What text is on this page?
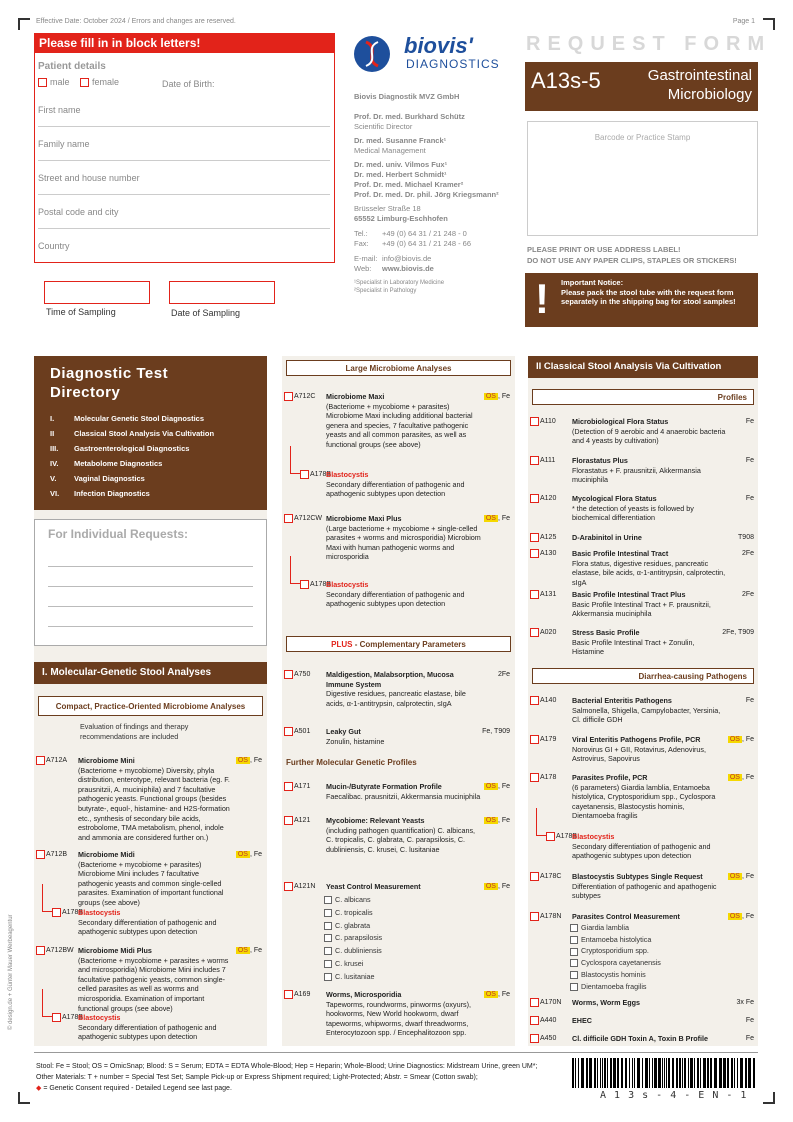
Effective Date: October 2024 / Errors and changes are reserved.	Page 1
Please fill in in block letters!
Patient details
male	female	Date of Birth:
First name
Family name
Street and house number
Postal code and city
Country
Time of Sampling	Date of Sampling
biovis'
DIAGNOSTICS
Biovis Diagnostik MVZ GmbH
Prof. Dr. med. Burkhard Schütz
Scientific Director
Dr. med. Susanne Franck¹
Medical Management
Dr. med. univ. Vilmos Fux¹
Dr. med. Herbert Schmidt¹
Prof. Dr. med. Michael Kramer²
Prof. Dr. med. Dr. phil. Jörg Kriegsmann²
Brüsseler Straße 18
65552 Limburg-Eschhofen
Tel.: +49 (0) 64 31 / 21 248 - 0
Fax: +49 (0) 64 31 / 21 248 - 66
E-mail: info@biovis.de
Web: www.biovis.de
¹Specialist in Laboratory Medicine
²Specialist in Pathology
REQUEST FORM
A13s-5	Gastrointestinal
Microbiology
Barcode or Practice Stamp
PLEASE PRINT OR USE ADDRESS LABEL!
DO NOT USE ANY PAPER CLIPS, STAPLES OR STICKERS!
! Important Notice:
Please pack the stool tube with the request form separately in the shipping bag for stool samples!
Diagnostic Test
Directory
I.	Molecular Genetic Stool Diagnostics
II	Classical Stool Analysis Via Cultivation
III. Gastroenterological Diagnostics
IV. Metabolome Diagnostics
V. Vaginal Diagnostics
VI. Infection Diagnostics
For Individual Requests:
I. Molecular-Genetic Stool Analyses
Compact, Practice-Oriented Microbiome Analyses
Evaluation of findings and therapy recommendations are included
Large Microbiome Analyses
PLUS - Complementary Parameters
Further Molecular Genetic Profiles
C. albicans
C. tropicalis
C. glabrata
C. parapsilosis
C. dubliniensis
C. krusei
C. lusitaniae
II Classical Stool Analysis Via Cultivation
Profiles
Diarrhea-causing Pathogens
Giardia lamblia
Entamoeba histolytica
Cryptosporidium spp.
Cyclospora cayetanensis
Blastocystis hominis
Dientamoeba fragilis
Stool: Fe = Stool; OS = OmicSnap; Blood: S = Serum; EDTA = EDTA Whole-Blood; Hep = Heparin; Whole-Blood; Urine Diagnostics: Midstream Urine, green UM*;
Other Materials: T + number = Special Test Set; Sample Pick-up or Express Shipment required; Light-Protected; Abstr. = Smear (Cotton swab);
◆ = Genetic Consent required - Detailed Legend see last page.
A 1 3 s - 4 - E N - 1
© design.de + Günter Mauer Werbeagentur
A712A	Microbiome Mini
(Bacteriome + mycobiome) Diversity, phyla distribution, enterotype, relevant bacteria (eg. F. prausnitzii, A. muciniphila) and 7 facultative pathogenic yeasts. Functional groups (besides butyrate-, equol-, histamine- and H2S-formation etc., synthesis of secondary bile acids, estrobolome, TMA metabolism, phenol, indole and ammonia are considered further on.)
OS , Fe
A712B	Microbiome Midi
(Bacteriome + mycobiome + parasites) Microbiome Mini includes 7 facultative pathogenic yeasts and common single-celled parasites. Examination of important functional groups (see above)
OS , Fe
A178B
Blastocystis
Secondary differentiation of pathogenic and apathogenic subtypes upon detection
A712BW Microbiome Midi Plus
(Bacteriome + mycobiome + parasites + worms and microsporidia) Microbiome Mini includes 7 facultative pathogenic yeasts, common single-celled parasites as well as worms and microsporidia. Examination of important functional groups (see above)
OS , Fe
A178B
Blastocystis
Secondary differentiation of pathogenic and apathogenic subtypes upon detection
A712C	Microbiome Maxi
(Bacteriome + mycobiome + parasites) Microbiome Maxi including additional bacterial genera and species, 7 facultative pathogenic yeasts and all common parasites, as well as functional groups (see above)
OS , Fe
A178B
Blastocystis
Secondary differentiation of pathogenic and apathogenic subtypes upon detection
A712CW Microbiome Maxi Plus
(Large bacteriome + mycobiome + single-celled parasites + worms and microsporidia) Microbiom Maxi with human pathogenic worms and microsporidia
OS , Fe
A178B
Blastocystis
Secondary differentiation of pathogenic and apathogenic subtypes upon detection
A750	Maldigestion, Malabsorption, Mucosa Immune System
Digestive residues, pancreatic elastase, bile acids, α-1-antitrypsin, calprotectin, sIgA
2Fe
A501	Leaky Gut
Zonulin, histamine
Fe, T909
A171	Mucin-/Butyrate Formation Profile
Faecalibac. prausnitzii, Akkermansia muciniphila
OS , Fe
A121	Mycobiome: Relevant Yeasts
(including pathogen quantification) C. albicans, C. tropicalis, C. glabrata, C. parapsilosis, C. dubliniensis, C. krusei, C. lusitaniae
OS , Fe
A121N	Yeast Control Measurement	OS , Fe
A169	Worms, Microsporidia
Tapeworms, roundworms, pinworms (oxyurs), hookworms, New World hookworm, dwarf tapeworms, whipworms, dwarf threadworms, Enterocytozoon spp. / Encephalitozoon spp.
OS , Fe
A110	Microbiological Flora Status
(Detection of 9 aerobic and 4 anaerobic bacteria and 4 yeasts by cultivation)
Fe
A111	Florastatus Plus
Florastatus + F. prausnitzii, Akkermansia muciniphila
Fe
A120	Mycological Flora Status
* the detection of yeasts is followed by biochemical differentiation
Fe
A125	D-Arabinitol in Urine	T908
A130	Basic Profile Intestinal Tract
Flora status, digestive residues, pancreatic elastase, bile acids, α-1-antitrypsin, calprotectin, sIgA
2Fe
A131	Basic Profile Intestinal Tract Plus
Basic Profile Intestinal Tract + F. prausnitzii, Akkermansia muciniphila
2Fe
A020	Stress Basic Profile
Basic Profile Intestinal Tract + Zonulin, Histamine
2Fe, T909
A140	Bacterial Enteritis Pathogens
Salmonella, Shigella, Campylobacter, Yersinia, Cl. difficile GDH
Fe
A179	Viral Enteritis Pathogens Profile, PCR
Norovirus GI + GII, Rotavirus, Adenovirus, Astrovirus, Sapovirus
OS , Fe
A178	Parasites Profile, PCR
(6 parameters) Giardia lamblia, Entamoeba histolytica, Cryptosporidium spp., Cyclospora cayetanensis, Blastocystis hominis, Dientamoeba fragilis
OS , Fe
A178B
Blastocystis
Secondary differentiation of pathogenic and apathogenic subtypes upon detection
A178C	Blastocystis Subtypes Single Request
Differentiation of pathogenic and apathogenic subtypes
OS , Fe
A178N	Parasites Control Measurement	OS , Fe
A170N	Worms, Worm Eggs	3x Fe
A440	EHEC	Fe
A450	Cl. difficile GDH Toxin A, Toxin B Profile	Fe
